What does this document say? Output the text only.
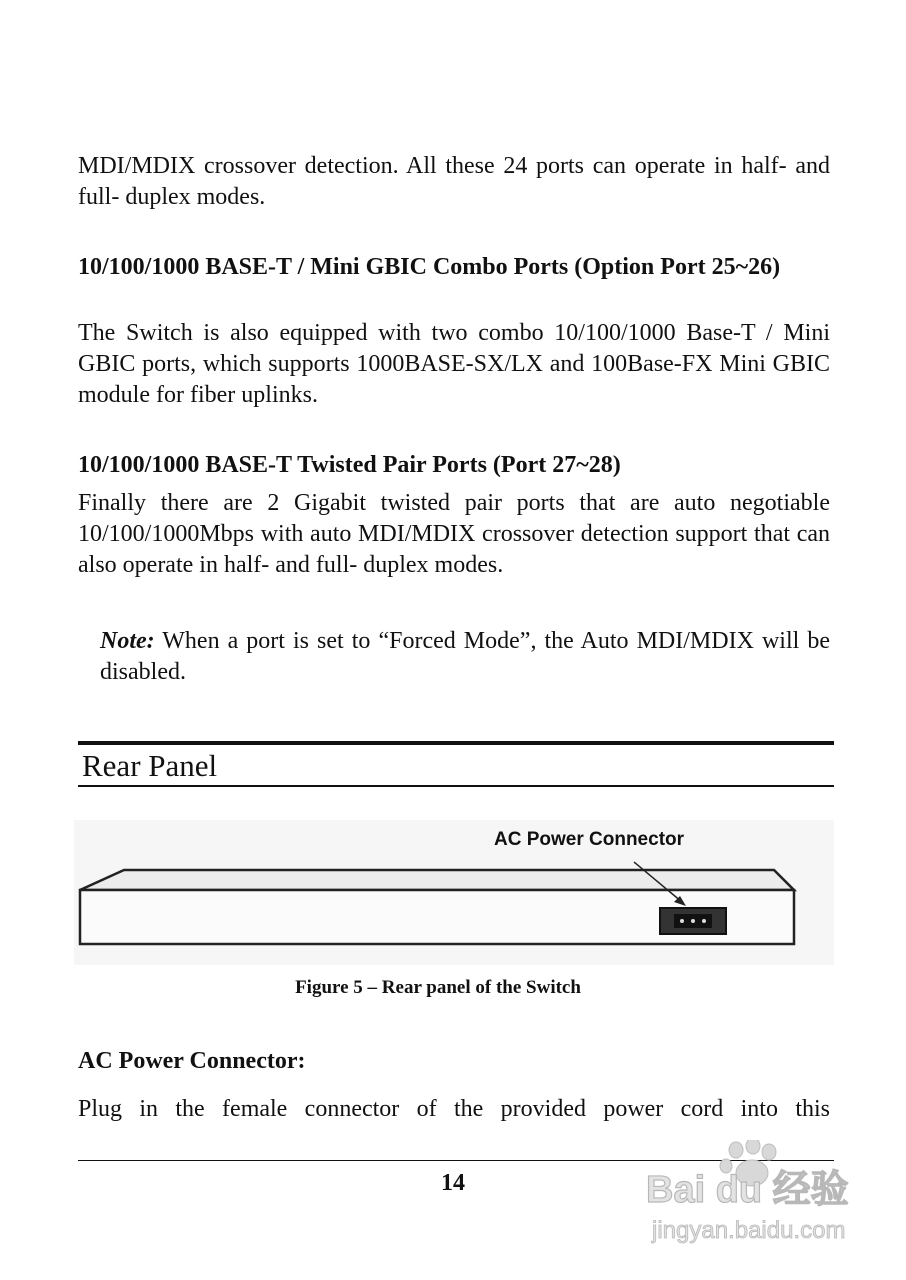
MDI/MDIX crossover detection. All these 24 ports can operate in half- and full- duplex modes.

10/100/1000 BASE-T / Mini GBIC Combo Ports (Option Port 25~26)

The Switch is also equipped with two combo 10/100/1000 Base-T / Mini GBIC ports, which supports 1000BASE-SX/LX and 100Base-FX Mini GBIC module for fiber uplinks.

10/100/1000 BASE-T Twisted Pair Ports (Port 27~28)

Finally there are 2 Gigabit twisted pair ports that are auto negotiable 10/100/1000Mbps with auto MDI/MDIX crossover detection support that can also operate in half- and full- duplex modes.

Note: When a port is set to “Forced Mode”, the Auto MDI/MDIX will be disabled.

Rear Panel
AC Power Connector
Figure 5 – Rear panel of the Switch

AC Power Connector:

Plug in the female connector of the provided power cord into this

14	Bai du 经验
jingyan.baidu.com
